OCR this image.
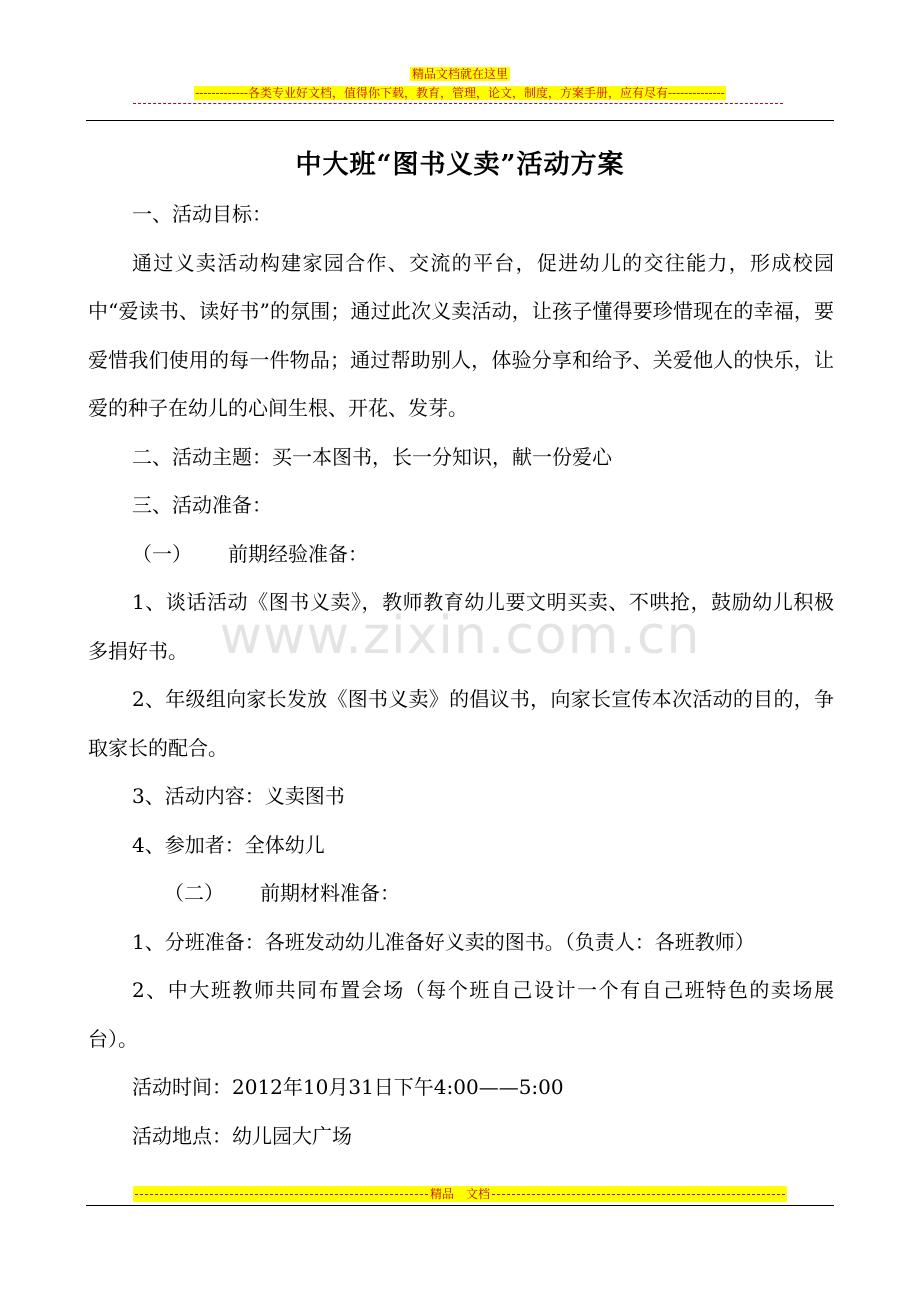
精品文档就在这里
-------------各类专业好文档，值得你下载，教育，管理，论文，制度，方案手册，应有尽有--------------
中大班“图书义卖”活动方案

一、活动目标：

通过义卖活动构建家园合作、交流的平台，促进幼儿的交往能力，形成校园中“爱读书、读好书”的氛围；通过此次义卖活动，让孩子懂得要珍惜现在的幸福，要爱惜我们使用的每一件物品；通过帮助别人，体验分享和给予、关爱他人的快乐，让爱的种子在幼儿的心间生根、开花、发芽。

二、活动主题：买一本图书，长一分知识，献一份爱心

三、活动准备：

（一） 前期经验准备：

1、谈话活动《图书义卖》，教师教育幼儿要文明买卖、不哄抢，鼓励幼儿积极多捐好书。

2、年级组向家长发放《图书义卖》的倡议书，向家长宣传本次活动的目的，争取家长的配合。

3、活动内容：义卖图书

4、参加者：全体幼儿

（二） 前期材料准备：

1、分班准备：各班发动幼儿准备好义卖的图书。（负责人：各班教师）

2、中大班教师共同布置会场（每个班自己设计一个有自己班特色的卖场展台）。

活动时间：2012年10月31日下午4:00——5:00

活动地点：幼儿园大广场

www.zixin.com.cn
精品　文档
